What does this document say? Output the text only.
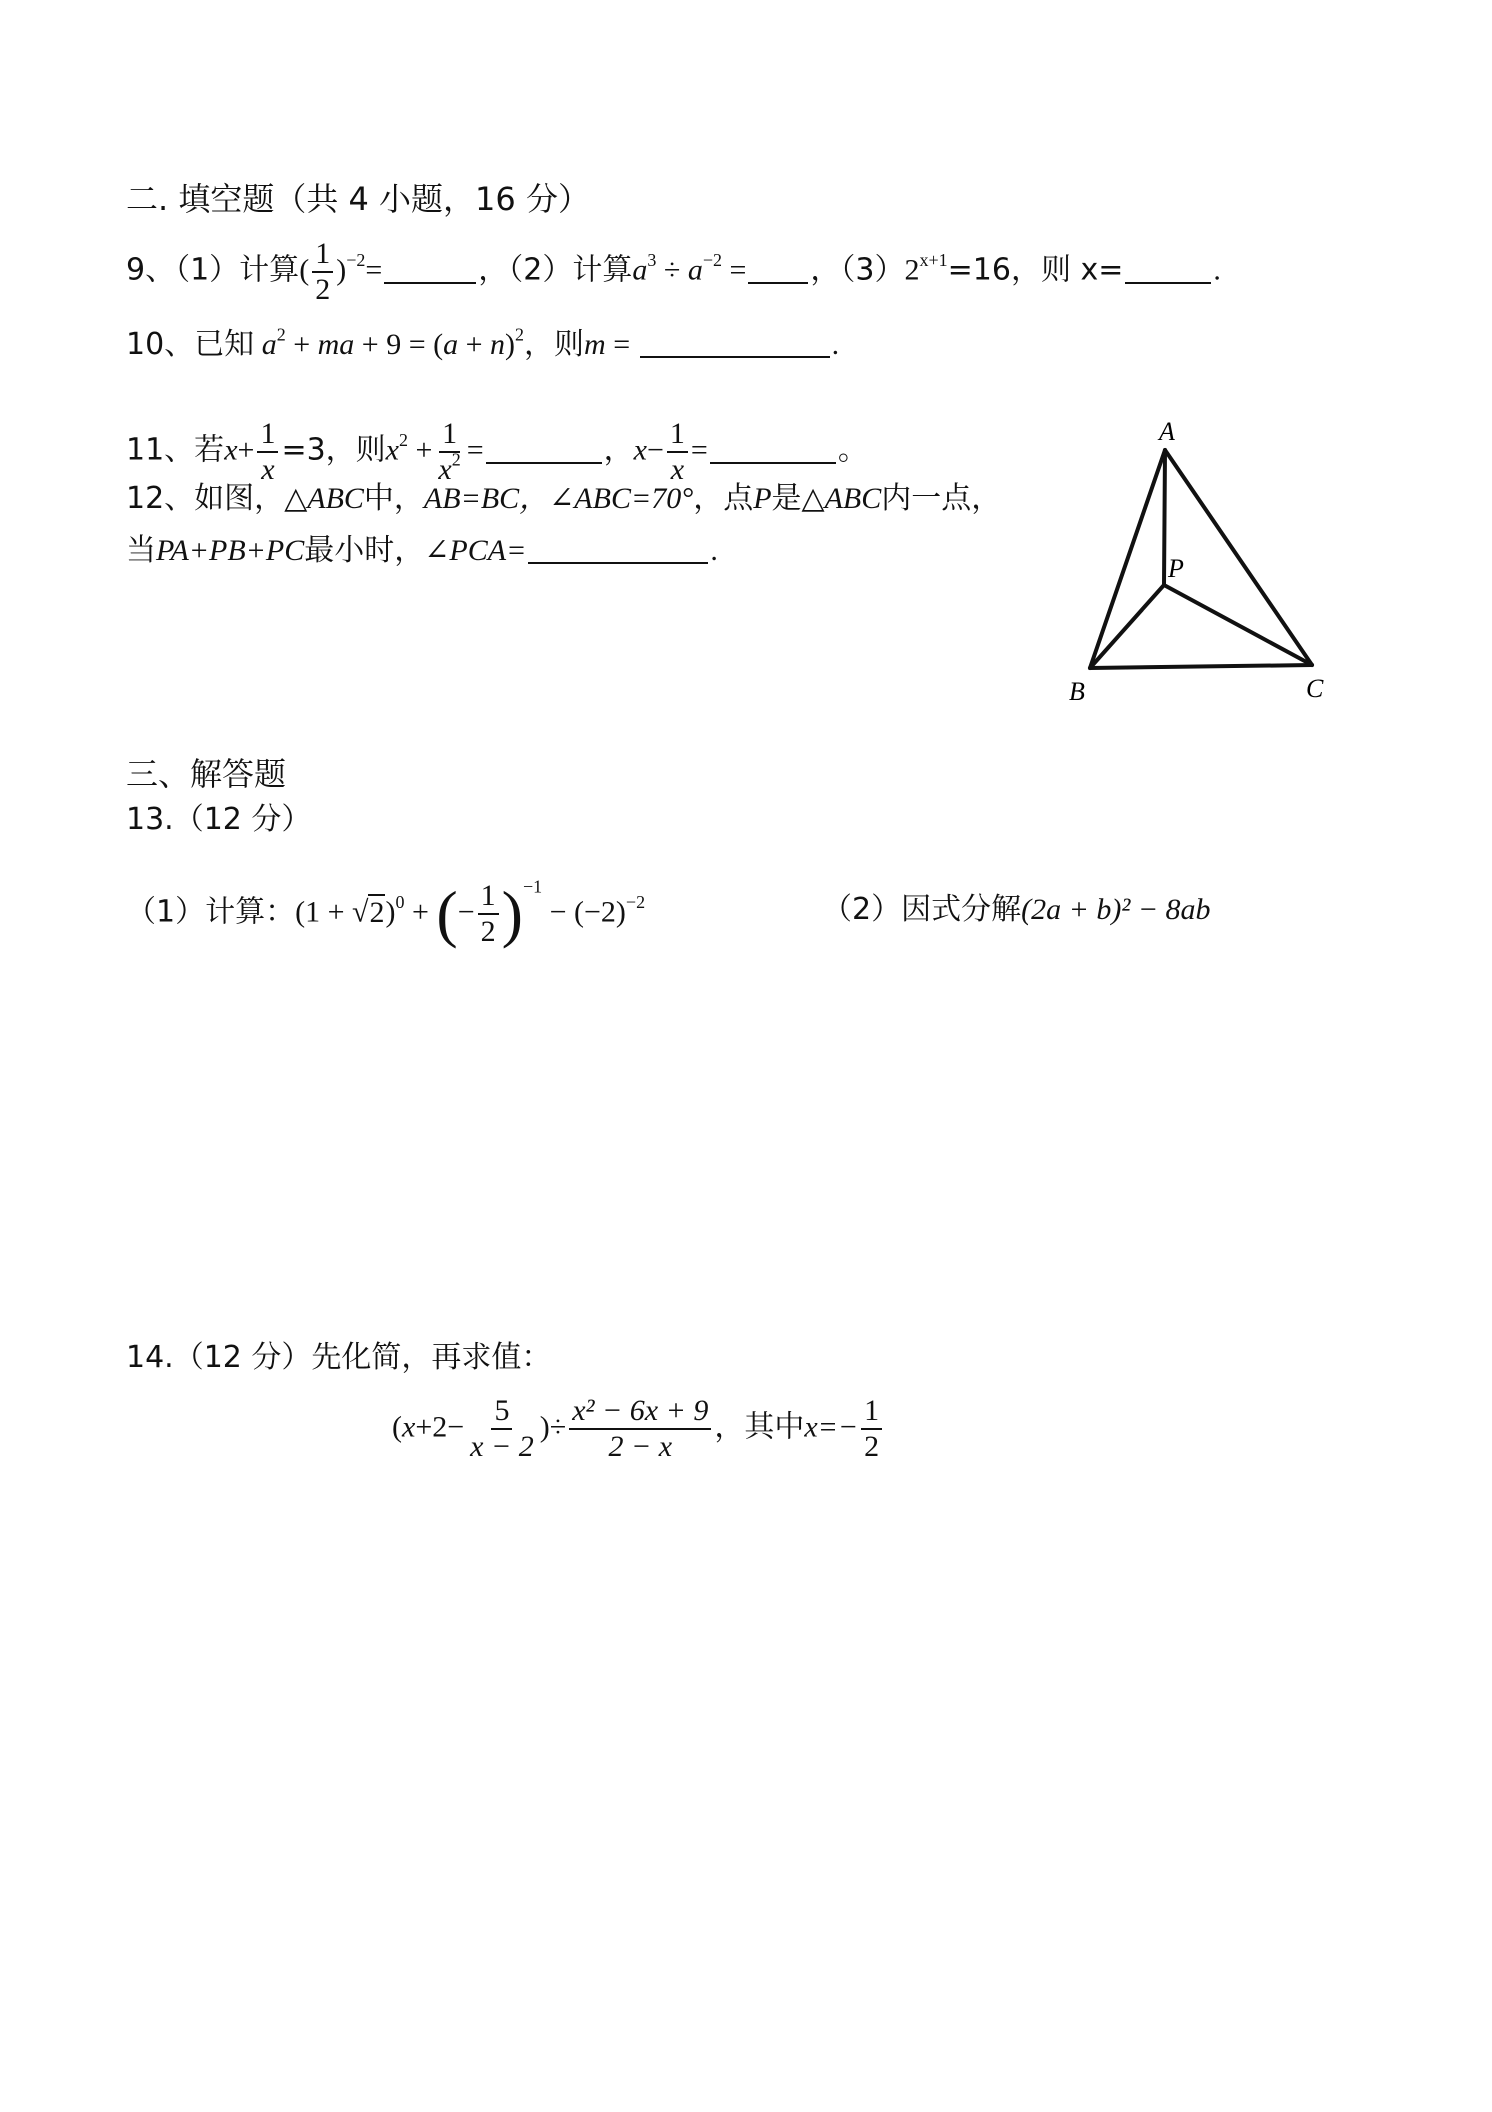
二. 填空题（共 4 小题，16 分）
9、（1）计算( $\frac{1}{2} )^{-2}=$	，（2）计算$a^3 \div a^{-2}$ = ，$(3)2^{x+1}=16$，则 x=	.
10、已知 $a^2$ + ma + $9 = (a + n)^2$，则m =	.
11、若$x+ \frac{1}{x} =3$，则$x^2 + \frac{1}{x^2}$ =	，$x- \frac{1}{x}$ =	。
12、如图，△ABC中，AB=BC，∠ABC=70°，点P是△ABC内一点，
当PA+PB+PC最小时，∠PCA=	.
A
B	C
P
三、解答题
13.（12 分）
（1）计算：$(1 + √2)^0$ + (− $\frac{1}{2} )^{-1} - (-2)^{-2}$	（2）因式分解(2a + b)² − 8ab
14.（12 分）先化简，再求值：
($x+2- \frac{5}{x - 2}$ )÷ $\frac{\text{x² − 6x + 9}}{2 - x}$ ，其中$x=- \frac{1}{2}$
